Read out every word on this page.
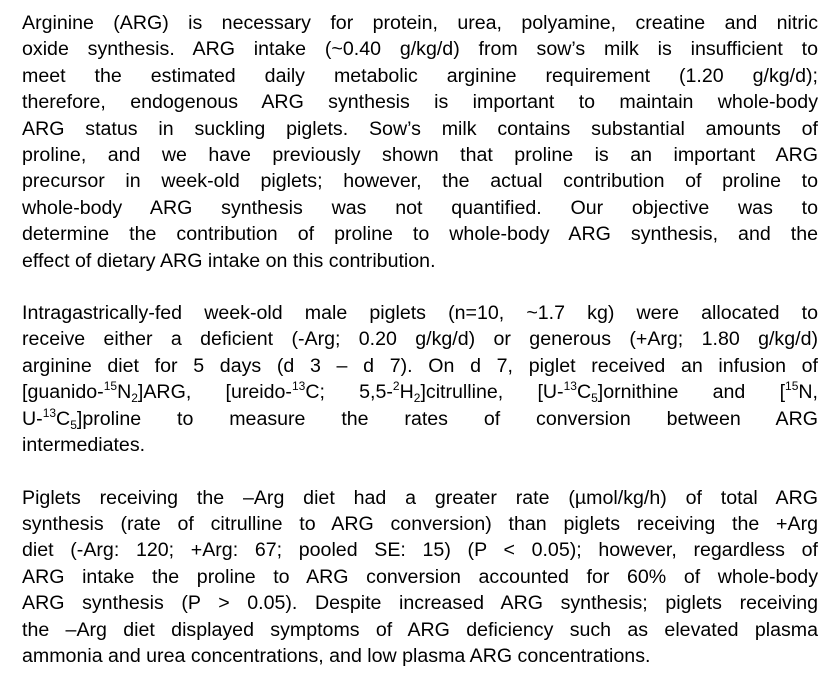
Arginine (ARG) is necessary for protein, urea, polyamine, creatine and nitric
oxide synthesis. ARG intake (~0.40 g/kg/d) from sow’s milk is insufficient to
meet the estimated daily metabolic arginine requirement (1.20 g/kg/d);
therefore, endogenous ARG synthesis is important to maintain whole-body
ARG status in suckling piglets. Sow’s milk contains substantial amounts of
proline, and we have previously shown that proline is an important ARG
precursor in week-old piglets; however, the actual contribution of proline to
whole-body ARG synthesis was not quantified. Our objective was to
determine the contribution of proline to whole-body ARG synthesis, and the
effect of dietary ARG intake on this contribution.
Intragastrically-fed week-old male piglets (n=10, ~1.7 kg) were allocated to
receive either a deficient (-Arg; 0.20 g/kg/d) or generous (+Arg; 1.80 g/kg/d)
arginine diet for 5 days (d 3 – d 7). On d 7, piglet received an infusion of
$[guanido-^{15}N_2]ARG$, [ureido-$^{13}$C; $5,5-^2H_2]citrulline$, $[U-^{13}C_5]ornithine$ and [$^{15}$N,
$U-^{13}C_5]proline$ to measure the rates of conversion between ARG
intermediates.
Piglets receiving the –Arg diet had a greater rate (µmol/kg/h) of total ARG
synthesis (rate of citrulline to ARG conversion) than piglets receiving the +Arg
diet (-Arg: 120; +Arg: 67; pooled SE: 15) (P < 0.05); however, regardless of
ARG intake the proline to ARG conversion accounted for 60% of whole-body
ARG synthesis (P > 0.05). Despite increased ARG synthesis; piglets receiving
the –Arg diet displayed symptoms of ARG deficiency such as elevated plasma
ammonia and urea concentrations, and low plasma ARG concentrations.
